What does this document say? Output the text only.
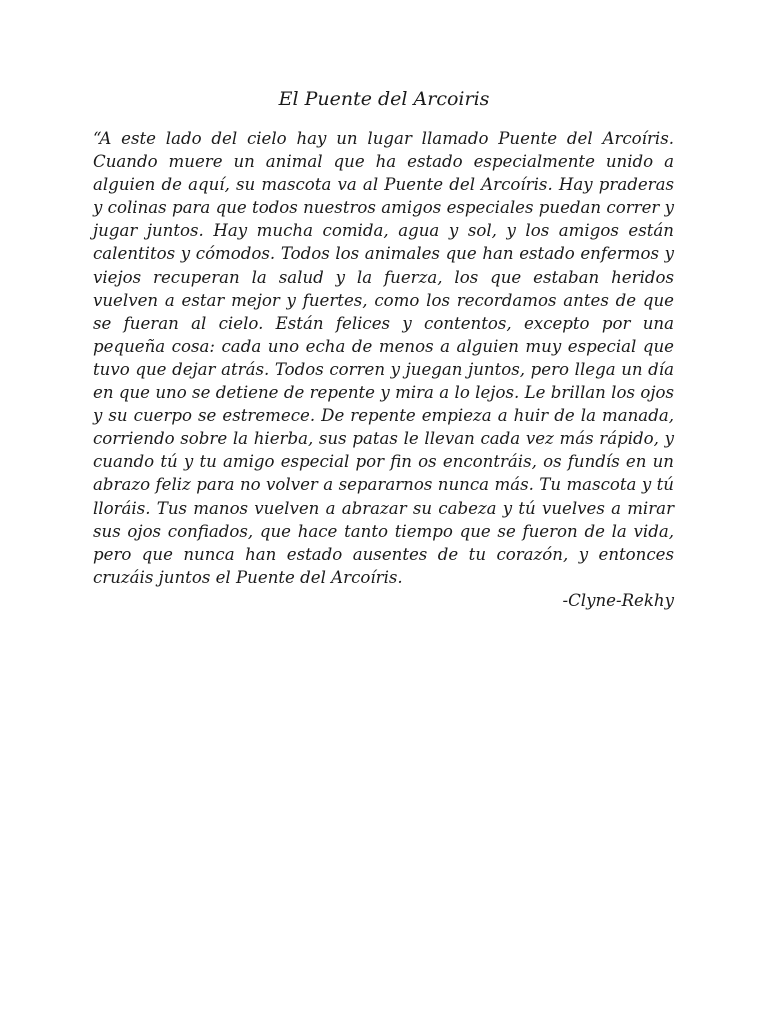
El Puente del Arcoiris

“A este lado del cielo hay un lugar llamado Puente del Arcoíris. Cuando muere un animal que ha estado especialmente unido a alguien de aquí, su mascota va al Puente del Arcoíris. Hay praderas y colinas para que todos nuestros amigos especiales puedan correr y jugar juntos. Hay mucha comida, agua y sol, y los amigos están calentitos y cómodos. Todos los animales que han estado enfermos y viejos recuperan la salud y la fuerza, los que estaban heridos vuelven a estar mejor y fuertes, como los recordamos antes de que se fueran al cielo. Están felices y contentos, excepto por una pequeña cosa: cada uno echa de menos a alguien muy especial que tuvo que dejar atrás. Todos corren y juegan juntos, pero llega un día en que uno se detiene de repente y mira a lo lejos. Le brillan los ojos y su cuerpo se estremece. De repente empieza a huir de la manada, corriendo sobre la hierba, sus patas le llevan cada vez más rápido, y cuando tú y tu amigo especial por fin os encontráis, os fundís en un abrazo feliz para no volver a separarnos nunca más. Tu mascota y tú lloráis. Tus manos vuelven a abrazar su cabeza y tú vuelves a mirar sus ojos confiados, que hace tanto tiempo que se fueron de la vida, pero que nunca han estado ausentes de tu corazón, y entonces cruzáis juntos el Puente del Arcoíris.

-Clyne-Rekhy
